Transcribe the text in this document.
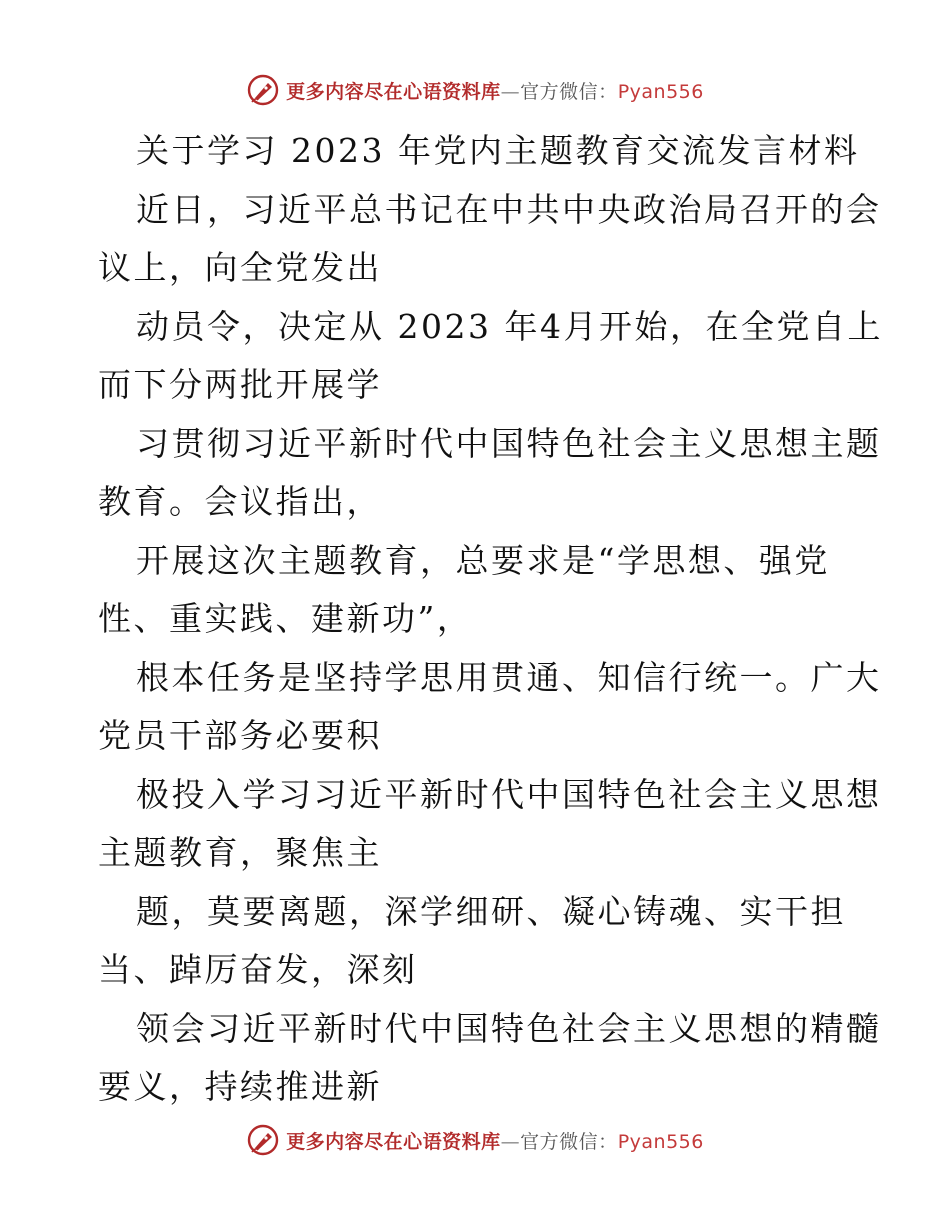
更多内容尽在心语资料库—官方微信：Pyan556
关于学习 2023 年党内主题教育交流发言材料
近日，习近平总书记在中共中央政治局召开的会
议上，向全党发出
动员令，决定从 2023 年4月开始，在全党自上
而下分两批开展学
习贯彻习近平新时代中国特色社会主义思想主题
教育。会议指出，
开展这次主题教育，总要求是“学思想、强党
性、重实践、建新功”，
根本任务是坚持学思用贯通、知信行统一。广大
党员干部务必要积
极投入学习习近平新时代中国特色社会主义思想
主题教育，聚焦主
题，莫要离题，深学细研、凝心铸魂、实干担
当、踔厉奋发，深刻
领会习近平新时代中国特色社会主义思想的精髓
要义，持续推进新
更多内容尽在心语资料库—官方微信：Pyan556
